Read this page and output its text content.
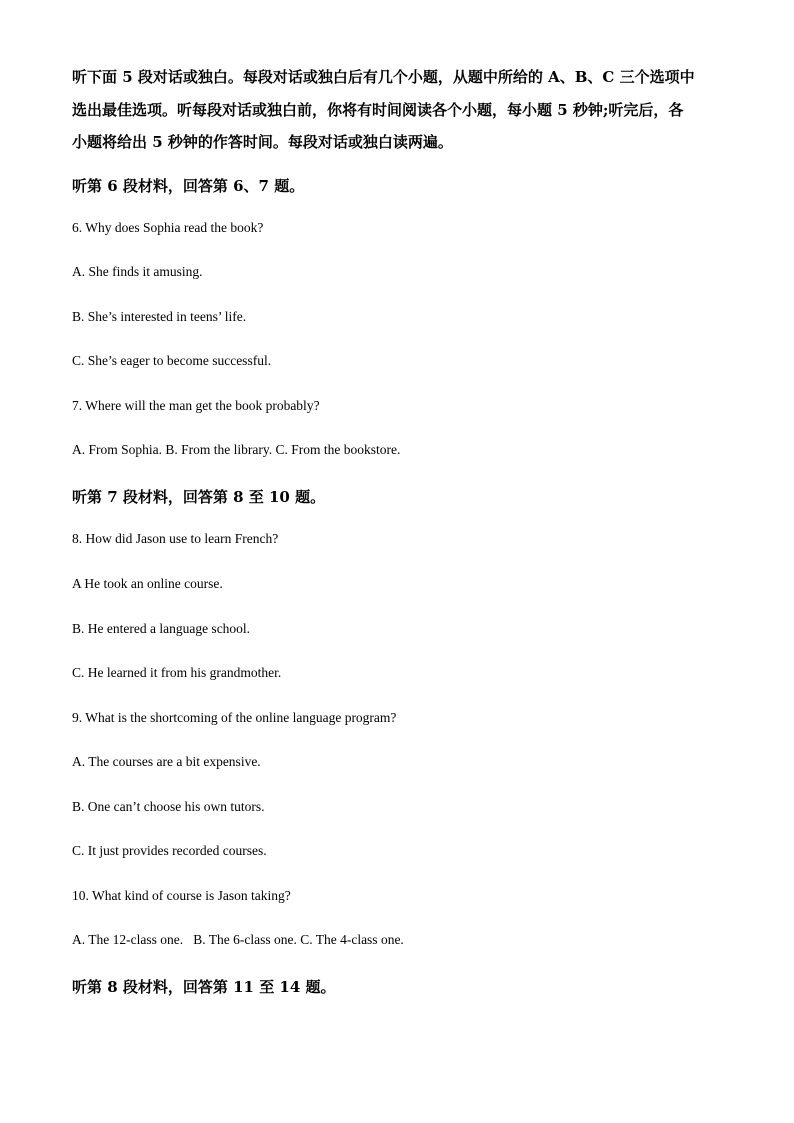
听下面 5 段对话或独白。每段对话或独白后有几个小题，从题中所给的 A、B、C 三个选项中
选出最佳选项。听每段对话或独白前，你将有时间阅读各个小题，每小题 5 秒钟;听完后，各
小题将给出 5 秒钟的作答时间。每段对话或独白读两遍。
听第 6 段材料，回答第 6、7 题。
6. Why does Sophia read the book?
A. She finds it amusing.
B. She’s interested in teens’ life.
C. She’s eager to become successful.
7. Where will the man get the book probably?
A. From Sophia. B. From the library. C. From the bookstore.
听第 7 段材料，回答第 8 至 10 题。
8. How did Jason use to learn French?
A He took an online course.
B. He entered a language school.
C. He learned it from his grandmother.
9. What is the shortcoming of the online language program?
A. The courses are a bit expensive.
B. One can’t choose his own tutors.
C. It just provides recorded courses.
10. What kind of course is Jason taking?
A. The 12-class one.   B. The 6-class one. C. The 4-class one.
听第 8 段材料，回答第 11 至 14 题。
